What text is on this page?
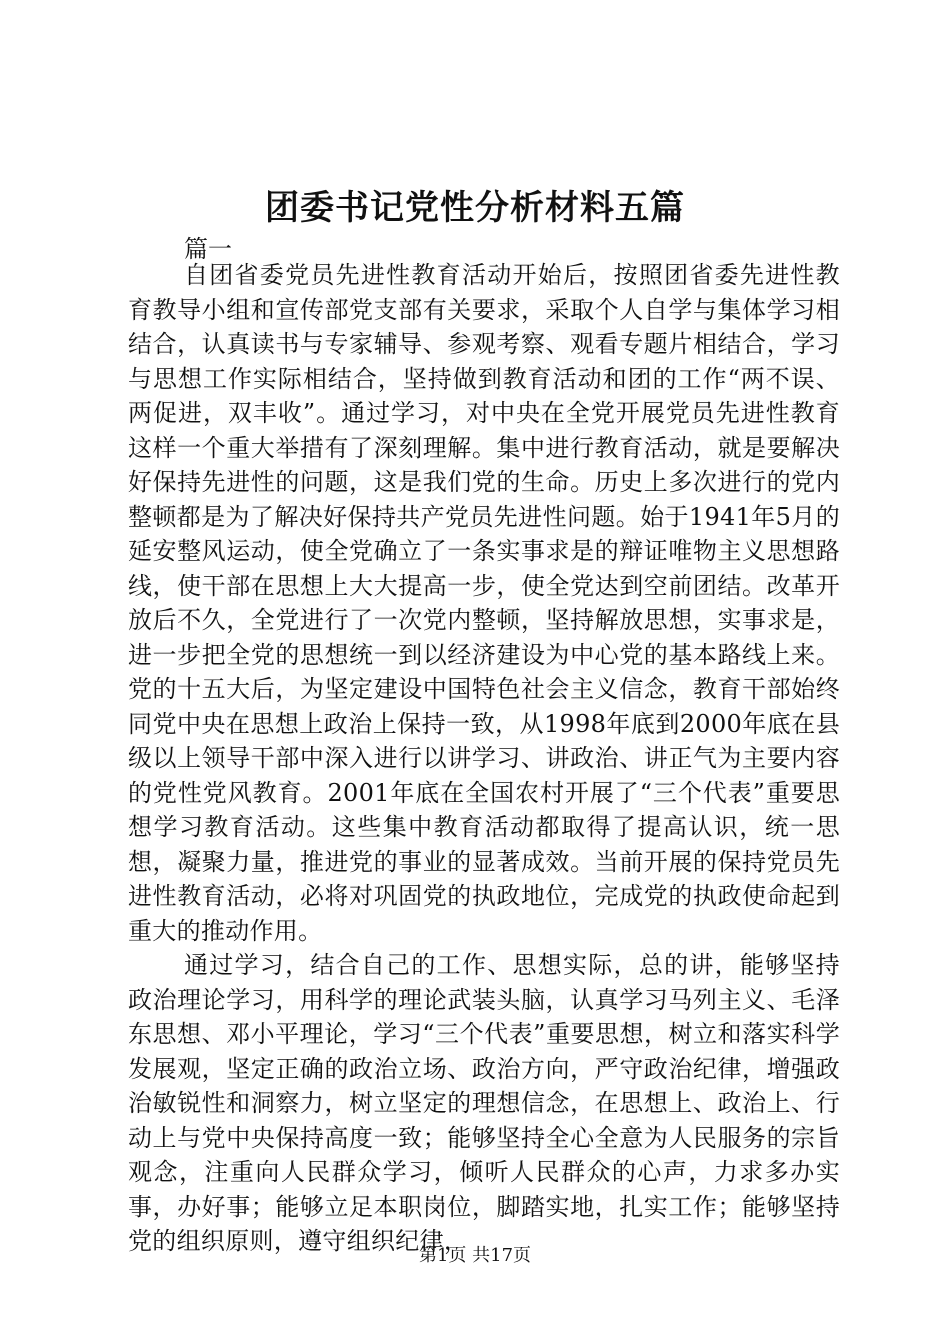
团委书记党性分析材料五篇
篇一

自团省委党员先进性教育活动开始后，按照团省委先进性教育教导小组和宣传部党支部有关要求，采取个人自学与集体学习相结合，认真读书与专家辅导、参观考察、观看专题片相结合，学习与思想工作实际相结合，坚持做到教育活动和团的工作“两不误、两促进，双丰收”。通过学习，对中央在全党开展党员先进性教育这样一个重大举措有了深刻理解。集中进行教育活动，就是要解决好保持先进性的问题，这是我们党的生命。历史上多次进行的党内整顿都是为了解决好保持共产党员先进性问题。始于1941年5月的延安整风运动，使全党确立了一条实事求是的辩证唯物主义思想路线，使干部在思想上大大提高一步，使全党达到空前团结。改革开放后不久，全党进行了一次党内整顿，坚持解放思想，实事求是，进一步把全党的思想统一到以经济建设为中心党的基本路线上来。党的十五大后，为坚定建设中国特色社会主义信念，教育干部始终同党中央在思想上政治上保持一致，从1998年底到2000年底在县级以上领导干部中深入进行以讲学习、讲政治、讲正气为主要内容的党性党风教育。2001年底在全国农村开展了“三个代表”重要思想学习教育活动。这些集中教育活动都取得了提高认识，统一思想，凝聚力量，推进党的事业的显著成效。当前开展的保持党员先进性教育活动，必将对巩固党的执政地位，完成党的执政使命起到重大的推动作用。

通过学习，结合自己的工作、思想实际，总的讲，能够坚持政治理论学习，用科学的理论武装头脑，认真学习马列主义、毛泽东思想、邓小平理论，学习“三个代表”重要思想，树立和落实科学发展观，坚定正确的政治立场、政治方向，严守政治纪律，增强政治敏锐性和洞察力，树立坚定的理想信念，在思想上、政治上、行动上与党中央保持高度一致；能够坚持全心全意为人民服务的宗旨观念，注重向人民群众学习，倾听人民群众的心声，力求多办实事，办好事；能够立足本职岗位，脚踏实地，扎实工作；能够坚持党的组织原则，遵守组织纪律，

第1页 共17页
